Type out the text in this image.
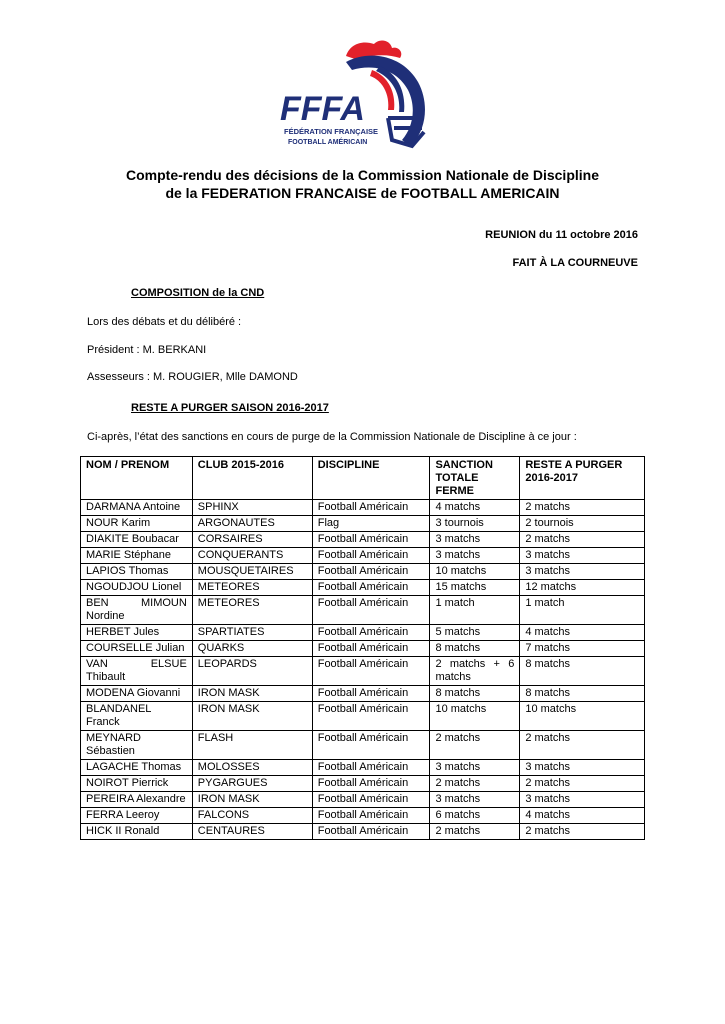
FFFA
FÉDÉRATION FRANÇAISE
FOOTBALL AMÉRICAIN
Compte-rendu des décisions de la Commission Nationale de Discipline
de la FEDERATION FRANCAISE de FOOTBALL AMERICAIN
REUNION du 11 octobre 2016
FAIT À LA COURNEUVE
COMPOSITION de la CND
Lors des débats et du délibéré :
Président : M. BERKANI
Assesseurs : M. ROUGIER, Mlle DAMOND
RESTE A PURGER SAISON 2016-2017
Ci-après, l’état des sanctions en cours de purge de la Commission Nationale de Discipline à ce jour :
NOM / PRENOM	CLUB 2015-2016	DISCIPLINE	SANCTION TOTALE FERME	RESTE A PURGER 2016-2017
DARMANA Antoine	SPHINX	Football Américain	4 matchs	2 matchs
NOUR Karim	ARGONAUTES	Flag	3 tournois	2 tournois
DIAKITE Boubacar	CORSAIRES	Football Américain	3 matchs	2 matchs
MARIE Stéphane	CONQUERANTS	Football Américain	3 matchs	3 matchs
LAPIOS Thomas	MOUSQUETAIRES	Football Américain	10 matchs	3 matchs
NGOUDJOU Lionel	METEORES	Football Américain	15 matchs	12 matchs
BEN MIMOUN Nordine	METEORES	Football Américain	1 match	1 match
HERBET Jules	SPARTIATES	Football Américain	5 matchs	4 matchs
COURSELLE Julian	QUARKS	Football Américain	8 matchs	7 matchs
VAN ELSUE Thibault	LEOPARDS	Football Américain	2 matchs + 6 matchs	8 matchs
MODENA Giovanni	IRON MASK	Football Américain	8 matchs	8 matchs
BLANDANEL Franck	IRON MASK	Football Américain	10 matchs	10 matchs
MEYNARD Sébastien	FLASH	Football Américain	2 matchs	2 matchs
LAGACHE Thomas	MOLOSSES	Football Américain	3 matchs	3 matchs
NOIROT Pierrick	PYGARGUES	Football Américain	2 matchs	2 matchs
PEREIRA Alexandre	IRON MASK	Football Américain	3 matchs	3 matchs
FERRA Leeroy	FALCONS	Football Américain	6 matchs	4 matchs
HICK II Ronald	CENTAURES	Football Américain	2 matchs	2 matchs
